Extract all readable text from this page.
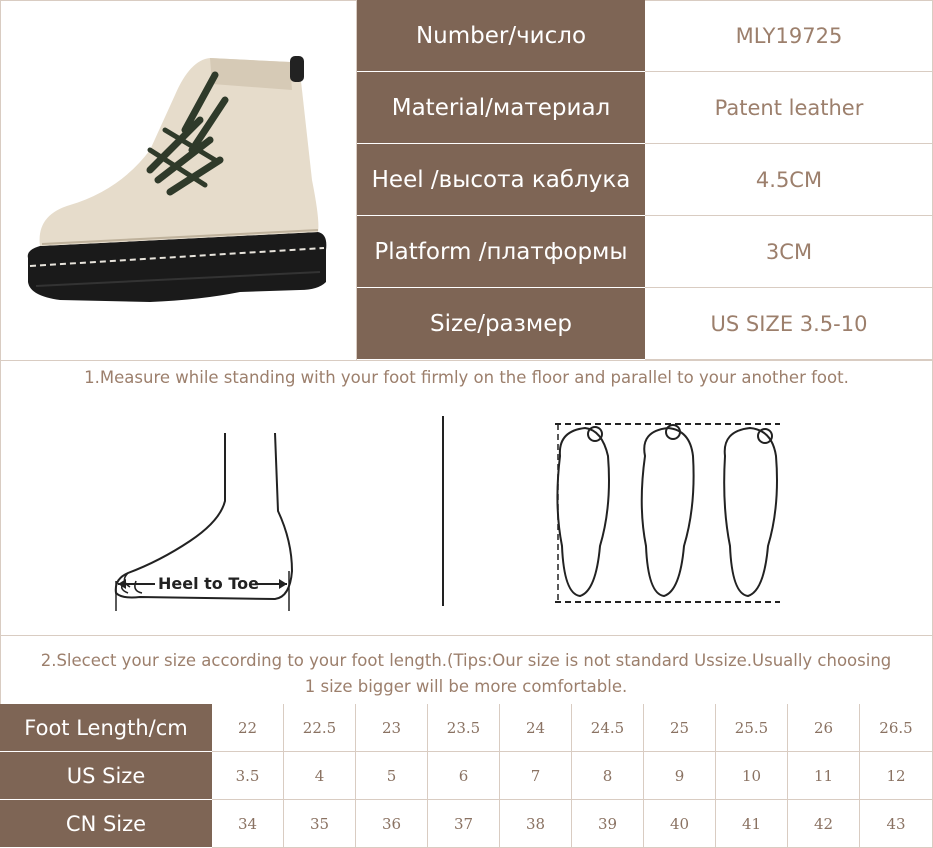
Number/число	MLY19725
Material/материал	Patent leather
Heel /высота каблука	4.5CM
Platform /платформы	3CM
Size/размер	US SIZE 3.5-10
1.Measure while standing with your foot firmly on the floor and parallel to your another foot.
Heel to Toe
2.Slecect your size according to your foot length.(Tips:Our size is not standard Ussize.Usually choosing
1 size bigger will be more comfortable.
Foot Length/cm	22	22.5	23	23.5	24	24.5	25	25.5	26	26.5
US Size	3.5	4	5	6	7	8	9	10	11	12
CN Size	34	35	36	37	38	39	40	41	42	43
